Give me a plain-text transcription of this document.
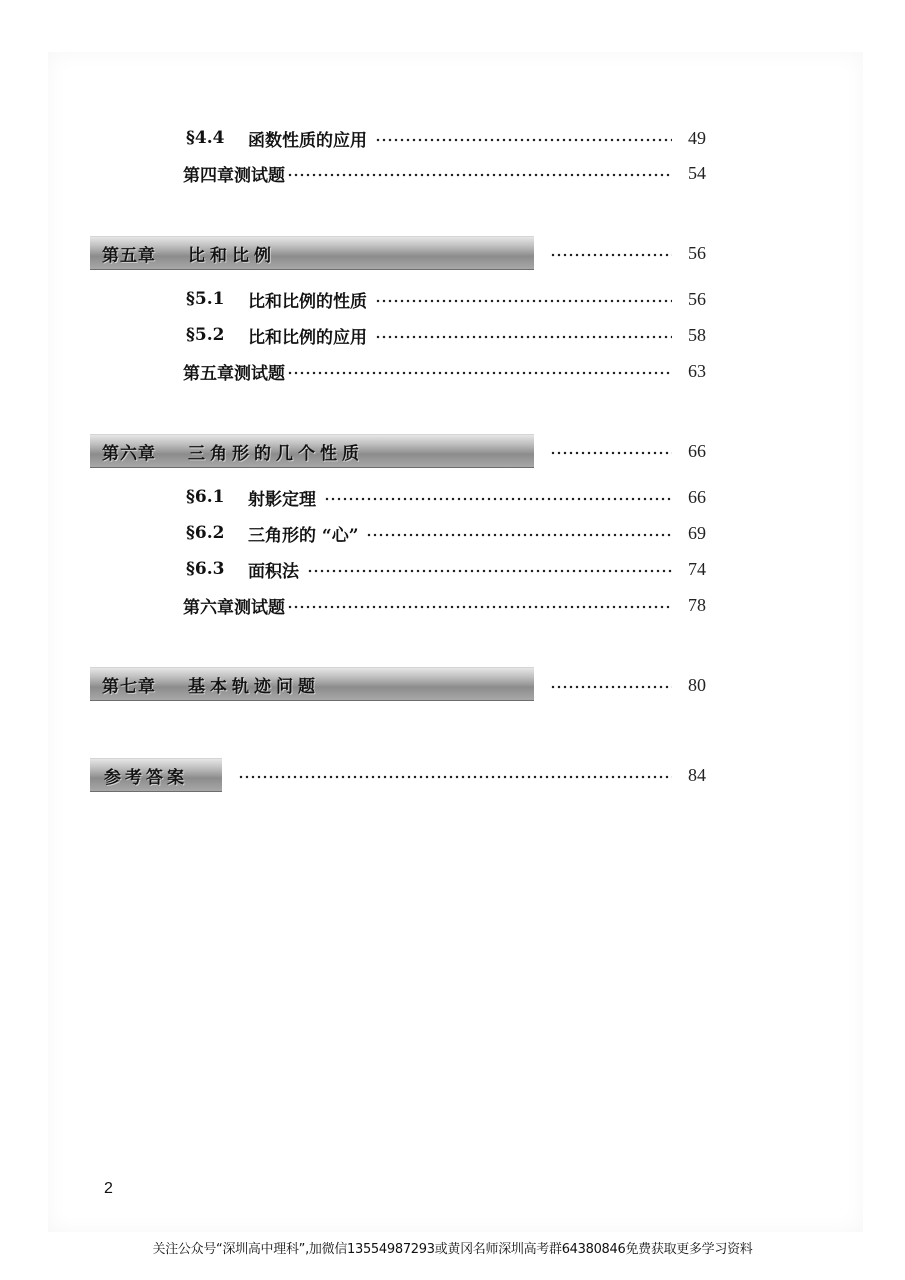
§4.4	函数性质的应用	49
第四章测试题	54
第五章	比和比例	56
§5.1	比和比例的性质	56
§5.2	比和比例的应用	58
第五章测试题	63
第六章	三角形的几个性质	66
§6.1	射影定理	66
§6.2	三角形的 “心”	69
§6.3	面积法	74
第六章测试题	78
第七章	基本轨迹问题	80
参考答案	84
2
关注公众号“深圳高中理科”,加微信13554987293或黄冈名师深圳高考群64380846免费获取更多学习资料
